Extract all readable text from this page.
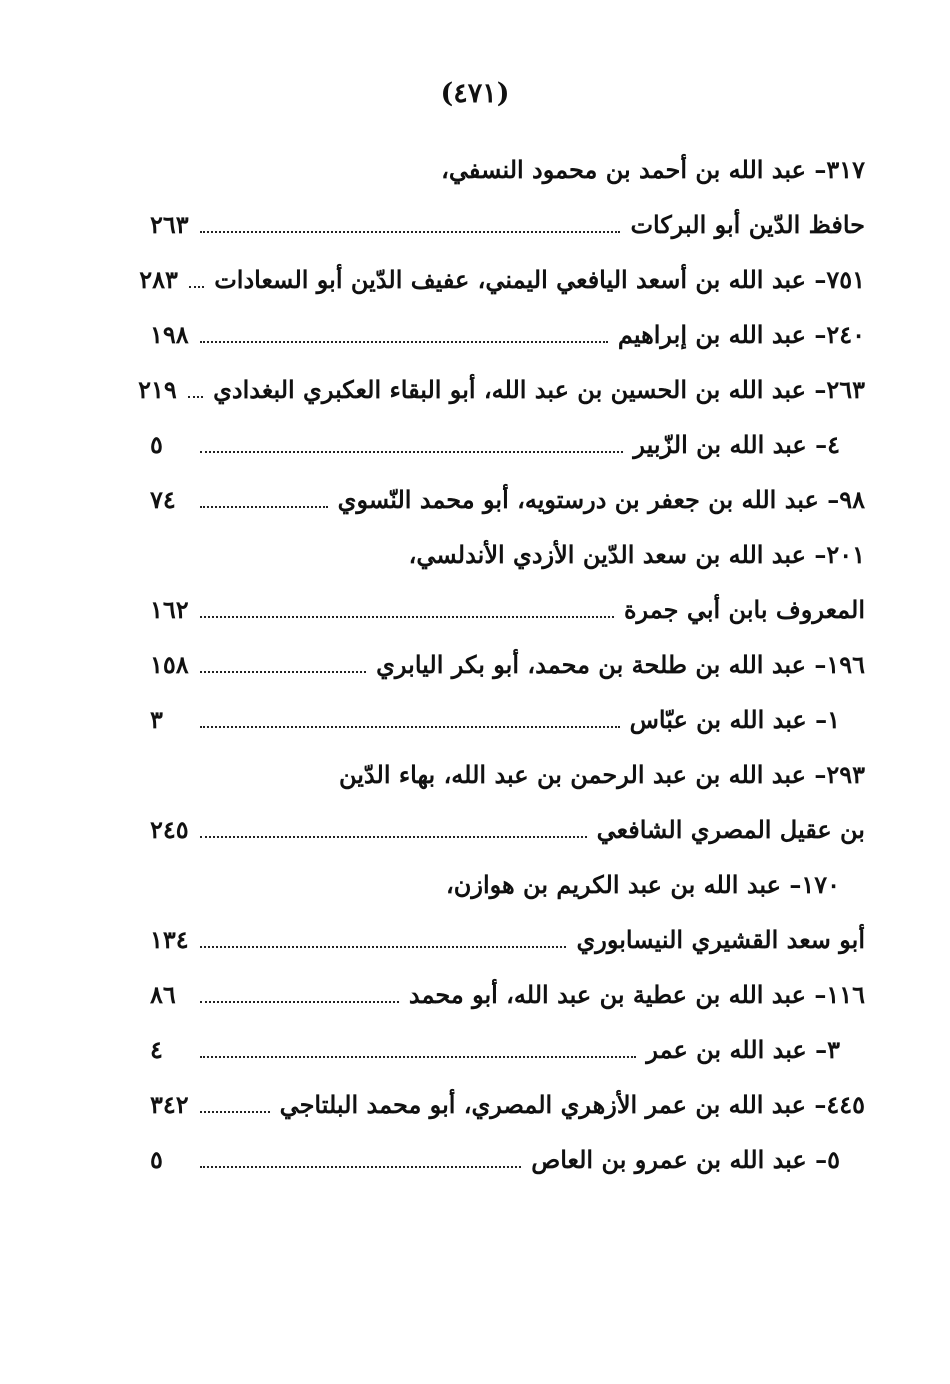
(٤٧١)
٣١٧– عبد الله بن أحمد بن محمود النسفي،
حافظ الدّين أبو البركات
٢٦٣
٧٥١– عبد الله بن أسعد اليافعي اليمني، عفيف الدّين أبو السعادات
٢٨٣
٢٤٠– عبد الله بن إبراهيم
١٩٨
٢٦٣– عبد الله بن الحسين بن عبد الله، أبو البقاء العكبري البغدادي
٢١٩
٤– عبد الله بن الزّبير
٥
٩٨– عبد الله بن جعفر بن درستويه، أبو محمد النّسوي
٧٤
٢٠١– عبد الله بن سعد الدّين الأزدي الأندلسي،
المعروف بابن أبي جمرة
١٦٢
١٩٦– عبد الله بن طلحة بن محمد، أبو بكر اليابري
١٥٨
١– عبد الله بن عبّاس
٣
٢٩٣– عبد الله بن عبد الرحمن بن عبد الله، بهاء الدّين
بن عقيل المصري الشافعي
٢٤٥
١٧٠– عبد الله بن عبد الكريم بن هوازن،
أبو سعد القشيري النيسابوري
١٣٤
١١٦– عبد الله بن عطية بن عبد الله، أبو محمد
٨٦
٣– عبد الله بن عمر
٤
٤٤٥– عبد الله بن عمر الأزهري المصري، أبو محمد البلتاجي
٣٤٢
٥– عبد الله بن عمرو بن العاص
٥
